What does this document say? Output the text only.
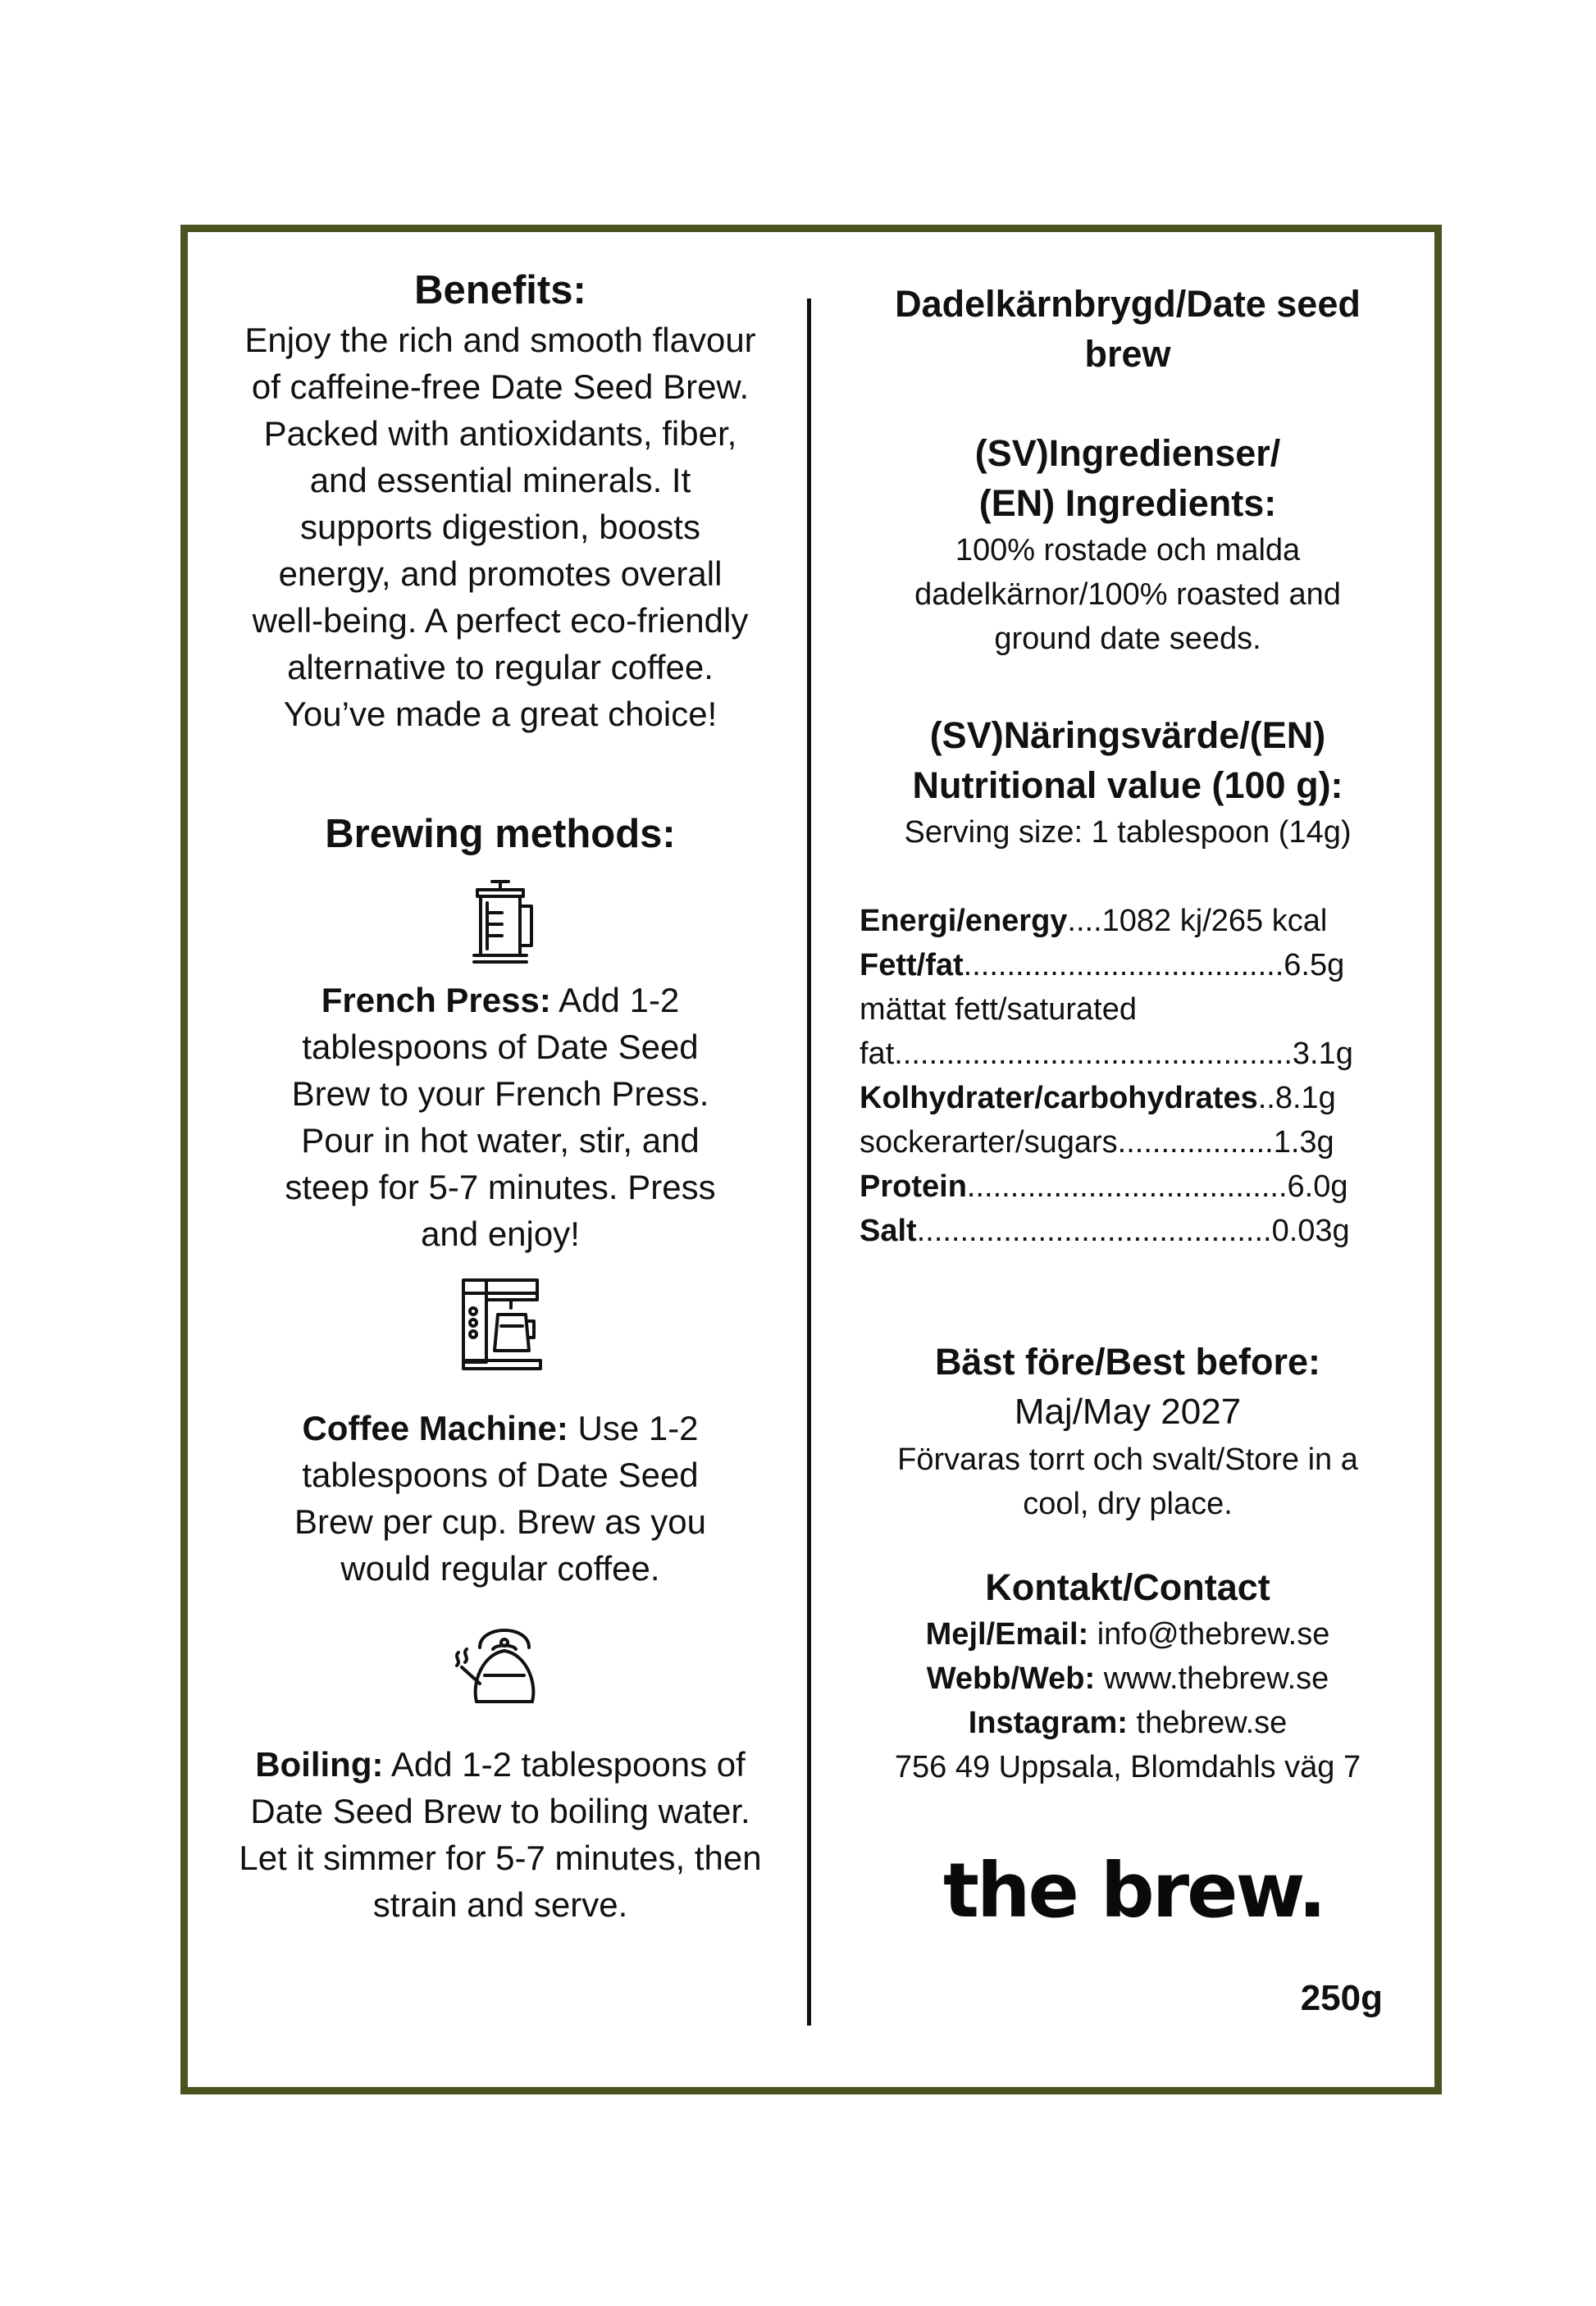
Benefits:

Enjoy the rich and smooth flavour of caffeine-free Date Seed Brew. Packed with antioxidants, fiber, and essential minerals. It supports digestion, boosts energy, and promotes overall well-being. A perfect eco-friendly alternative to regular coffee. You’ve made a great choice!

Brewing methods:

French Press: Add 1-2 tablespoons of Date Seed Brew to your French Press. Pour in hot water, stir, and steep for 5-7 minutes. Press and enjoy!

Coffee Machine: Use 1-2 tablespoons of Date Seed Brew per cup. Brew as you would regular coffee.

Boiling: Add 1-2 tablespoons of Date Seed Brew to boiling water. Let it simmer for 5-7 minutes, then strain and serve.

Dadelkärnbrygd/Date seed brew

(SV)Ingredienser/

(EN) Ingredients:

100% rostade och malda dadelkärnor/100% roasted and ground date seeds.

(SV)Näringsvärde/(EN)

Nutritional value (100 g):

Serving size: 1 tablespoon (14g)

Energi/energy....1082 kj/265 kcal
Fett/fat.....................................6.5g
mättat fett/saturated
fat..............................................3.1g
Kolhydrater/carbohydrates..8.1g
sockerarter/sugars..................1.3g
Protein.....................................6.0g
Salt.........................................0.03g

Bäst före/Best before:

Maj/May 2027

Förvaras torrt och svalt/Store in a cool, dry place.

Kontakt/Contact

Mejl/Email: info@thebrew.se

Webb/Web: www.thebrew.se

Instagram: thebrew.se

756 49 Uppsala, Blomdahls väg 7

the brew.

250g
